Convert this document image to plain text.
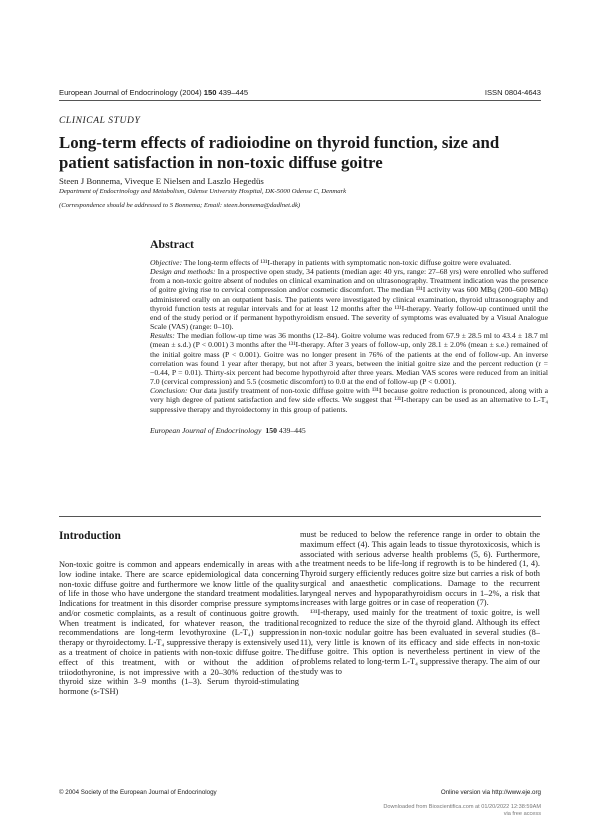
European Journal of Endocrinology (2004) 150 439–445	ISSN 0804-4643
CLINICAL STUDY
Long-term effects of radioiodine on thyroid function, size and patient satisfaction in non-toxic diffuse goitre
Steen J Bonnema, Viveque E Nielsen and Laszlo Hegedüs
Department of Endocrinology and Metabolism, Odense University Hospital, DK-5000 Odense C, Denmark
(Correspondence should be addressed to S Bonnema; Email: steen.bonnema@dadlnet.dk)
Abstract

Objective: The long-term effects of ¹³¹I-therapy in patients with symptomatic non-toxic diffuse goitre were evaluated.

Design and methods: In a prospective open study, 34 patients (median age: 40 yrs, range: 27–68 yrs) were enrolled who suffered from a non-toxic goitre absent of nodules on clinical examination and on ultrasonography. Treatment indication was the presence of goitre giving rise to cervical compression and/or cosmetic discomfort. The median ¹³¹I activity was 600 MBq (200–600 MBq) administered orally on an outpatient basis. The patients were investigated by clinical examination, thyroid ultrasonography and thyroid function tests at regular intervals and for at least 12 months after the ¹³¹I-therapy. Yearly follow-up continued until the end of the study period or if permanent hypothyroidism ensued. The severity of symptoms was evaluated by a Visual Analogue Scale (VAS) (range: 0–10).

Results: The median follow-up time was 36 months (12–84). Goitre volume was reduced from 67.9 ± 28.5 ml to 43.4 ± 18.7 ml (mean ± s.d.) (P < 0.001) 3 months after the ¹³¹I-therapy. After 3 years of follow-up, only 28.1 ± 2.0% (mean ± s.e.) remained of the initial goitre mass (P < 0.001). Goitre was no longer present in 76% of the patients at the end of follow-up. An inverse correlation was found 1 year after therapy, but not after 3 years, between the initial goitre size and the percent reduction (r = −0.44, P = 0.01). Thirty-six percent had become hypothyroid after three years. Median VAS scores were reduced from an initial 7.0 (cervical compression) and 5.5 (cosmetic discomfort) to 0.0 at the end of follow-up (P < 0.001).

Conclusion: Our data justify treatment of non-toxic diffuse goitre with ¹³¹I because goitre reduction is pronounced, along with a very high degree of patient satisfaction and few side effects. We suggest that ¹³¹I-therapy can be used as an alternative to L-T₄ suppressive therapy and thyroidectomy in this group of patients.

European Journal of Endocrinology 150 439–445
Introduction

Non-toxic goitre is common and appears endemically in areas with a low iodine intake. There are scarce epidemiological data concerning non-toxic diffuse goitre and furthermore we know little of the quality of life in those who have undergone the standard treatment modalities. Indications for treatment in this disorder comprise pressure symptoms and/or cosmetic complaints, as a result of continuous goitre growth. When treatment is indicated, for whatever reason, the traditional recommendations are long-term levothyroxine (L-T₄) suppression therapy or thyroidectomy. L-T₄ suppressive therapy is extensively used as a treatment of choice in patients with non-toxic diffuse goitre. The effect of this treatment, with or without the addition of triiodothyronine, is not impressive with a 20–30% reduction of the thyroid size within 3–9 months (1–3). Serum thyroid-stimulating hormone (s-TSH)

must be reduced to below the reference range in order to obtain the maximum effect (4). This again leads to tissue thyrotoxicosis, which is associated with serious adverse health problems (5, 6). Furthermore, the treatment needs to be life-long if regrowth is to be hindered (1, 4). Thyroid surgery efficiently reduces goitre size but carries a risk of both surgical and anaesthetic complications. Damage to the recurrent laryngeal nerves and hypoparathyroidism occurs in 1–2%, a risk that increases with large goitres or in case of reoperation (7).

¹³¹I-therapy, used mainly for the treatment of toxic goitre, is well recognized to reduce the size of the thyroid gland. Although its effect in non-toxic nodular goitre has been evaluated in several studies (8–11), very little is known of its efficacy and side effects in non-toxic diffuse goitre. This option is nevertheless pertinent in view of the problems related to long-term L-T₄ suppressive therapy. The aim of our study was to

© 2004 Society of the European Journal of Endocrinology	Online version via http://www.eje.org
Downloaded from Bioscientifica.com at 01/20/2022 12:38:59AM
via free access
